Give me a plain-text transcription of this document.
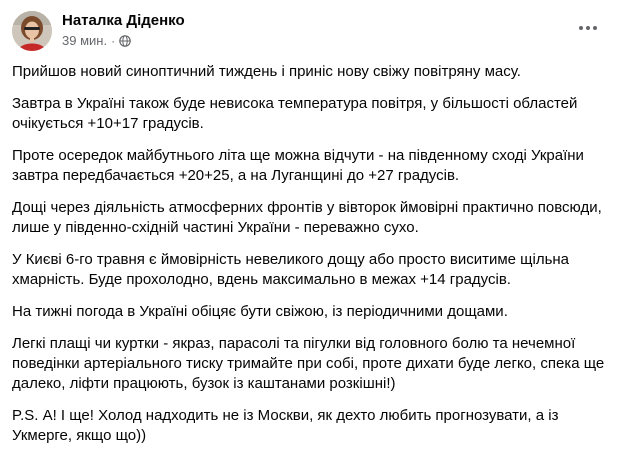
Наталка Діденко
39 мин. ·

Прийшов новий синоптичний тиждень і приніс нову свіжу повітряну масу.

Завтра в Україні також буде невисока температура повітря, у більшості областей очікується +10+17 градусів.

Проте осередок майбутнього літа ще можна відчути - на південному сході України завтра передбачається +20+25, а на Луганщині до +27 градусів.

Дощі через діяльність атмосферних фронтів у вівторок ймовірні практично повсюди, лише у південно-східній частині України - переважно сухо.

У Києві 6-го травня є ймовірність невеликого дощу або просто виситиме щільна хмарність. Буде прохолодно, вдень максимально в межах +14 градусів.

На тижні погода в Україні обіцяє бути свіжою, із періодичними дощами.

Легкі плащі чи куртки - якраз, парасолі та пігулки від головного болю та нечемної поведінки артеріального тиску тримайте при собі, проте дихати буде легко, спека ще далеко, ліфти працюють, бузок із каштанами розкішні!)

P.S. А! І ще! Холод надходить не із Москви, як дехто любить прогнозувати, а із Укмерге, якщо що))
